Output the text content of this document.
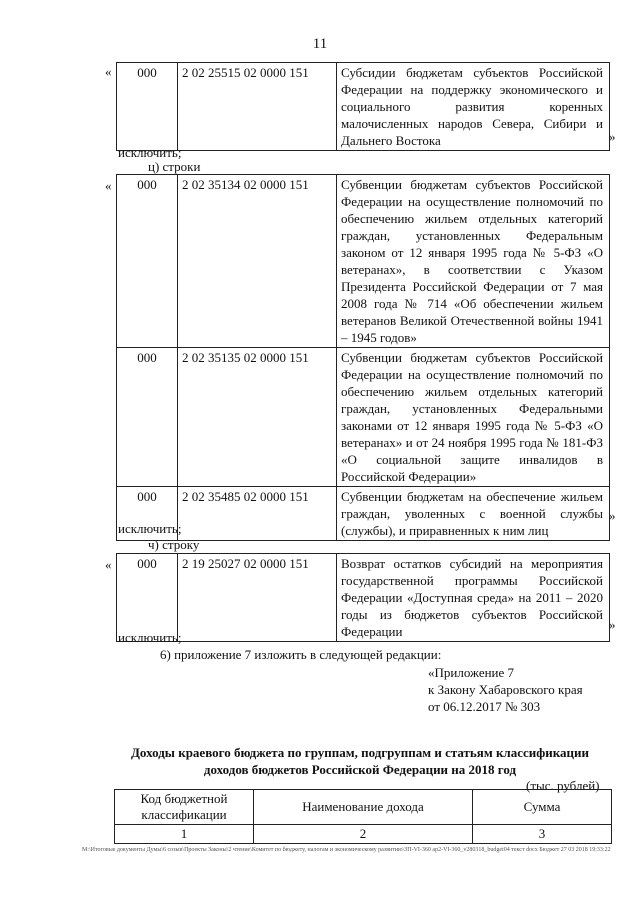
11
« 000	2 02 25515 02 0000 151	Субсидии бюджетам субъектов Российской Федерации на поддержку экономического и социального развития коренных малочисленных народов Севера, Сибири и Дальнего Востока	»
исключить;
ц) строки
« 000	2 02 35134 02 0000 151	Субвенции бюджетам субъектов Российской Федерации на осуществление полномочий по обеспечению жильем отдельных категорий граждан, установленных Федеральным законом от 12 января 1995 года № 5-ФЗ «О ветеранах», в соответствии с Указом Президента Российской Федерации от 7 мая 2008 года № 714 «Об обеспечении жильем ветеранов Великой Отечественной войны 1941 – 1945 годов»
000	2 02 35135 02 0000 151	Субвенции бюджетам субъектов Российской Федерации на осуществление полномочий по обеспечению жильем отдельных категорий граждан, установленных Федеральными законами от 12 января 1995 года № 5-ФЗ «О ветеранах» и от 24 ноября 1995 года № 181-ФЗ «О социальной защите инвалидов в Российской Федерации»
000	2 02 35485 02 0000 151	Субвенции бюджетам на обеспечение жильем граждан, уволенных с военной службы (службы), и приравненных к ним лиц
»
исключить;
ч) строку
« 000	2 19 25027 02 0000 151	Возврат остатков субсидий на мероприятия государственной программы Российской Федерации «Доступная среда» на 2011 – 2020 годы из бюджетов субъектов Российской Федерации	»
исключить;
6) приложение 7 изложить в следующей редакции:
«Приложение 7
к Закону Хабаровского края
от 06.12.2017 № 303
Доходы краевого бюджета по группам, подгруппам и статьям классификации
доходов бюджетов Российской Федерации на 2018 год
(тыс. рублей)
Код бюджетной классификации	Наименование дохода	Сумма
1	2	3
M:\Итоговые документы Думы\6 созыв\Проекты Законы\2 чтение\Комитет по бюджету, налогам и экономическому развитию\ЗП-VI-360 ар2-VI-360_v280318_budget04 текст docx Бюджет 27 03 2018 19:33:22
